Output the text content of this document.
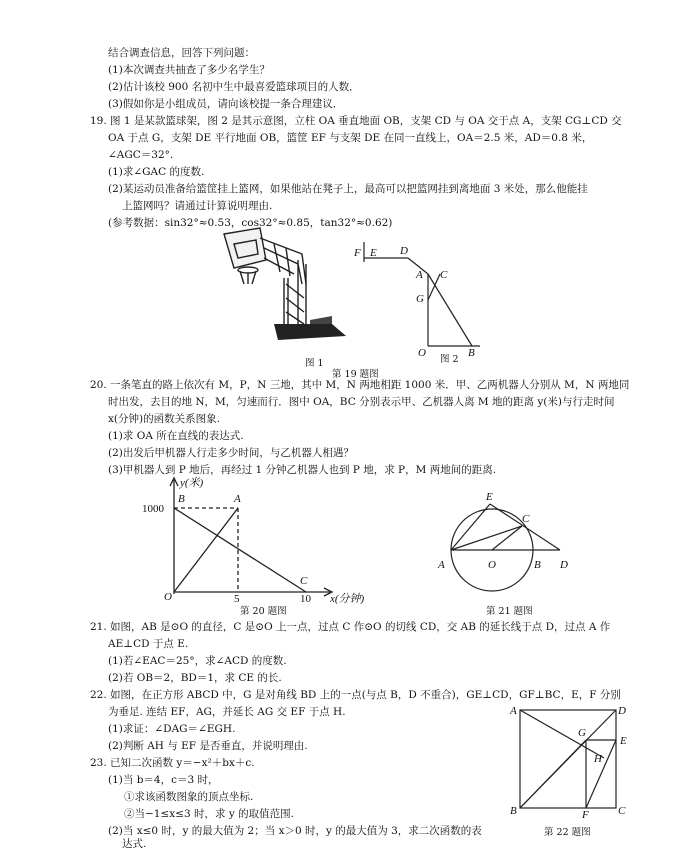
结合调查信息，回答下列问题：
(1)本次调查共抽查了多少名学生？
(2)估计该校 900 名初中生中最喜爱篮球项目的人数．
(3)假如你是小组成员，请向该校提一条合理建议．
19. 图 1 是某款篮球架，图 2 是其示意图，立柱 OA 垂直地面 OB，支架 CD 与 OA 交于点 A，支架 CG⊥CD 交
OA 于点 G，支架 DE 平行地面 OB，篮筐 EF 与支架 DE 在同一直线上，OA＝2.5 米，AD＝0.8 米，
∠AGC＝32°.
(1)求∠GAC 的度数.
(2)某运动员准备给篮筐挂上篮网，如果他站在凳子上，最高可以把篮网挂到离地面 3 米处，那么他能挂
上篮网吗？请通过计算说明理由.
(参考数据：sin32°≈0.53，cos32°≈0.85，tan32°≈0.62)
图 1
F E D
A C
G
O	B
图 2
第 19 题图
20. 一条笔直的路上依次有 M，P，N 三地，其中 M，N 两地相距 1000 米．甲、乙两机器人分别从 M，N 两地同
时出发，去目的地 N，M，匀速而行．图中 OA，BC 分别表示甲、乙机器人离 M 地的距离 y(米)与行走时间
x(分钟)的函数关系图象.
(1)求 OA 所在直线的表达式.
(2)出发后甲机器人行走多少时间，与乙机器人相遇？
(3)甲机器人到 P 地后，再经过 1 分钟乙机器人也到 P 地，求 P，M 两地间的距离.
y(米)
1000
O	5	10 x(分钟)
B	A
C
第 20 题图
E
C
A	O	B D
第 21 题图
21. 如图，AB 是⊙O 的直径，C 是⊙O 上一点，过点 C 作⊙O 的切线 CD，交 AB 的延长线于点 D，过点 A 作
AE⊥CD 于点 E.
(1)若∠EAC＝25°，求∠ACD 的度数.
(2)若 OB＝2，BD＝1，求 CE 的长.
22. 如图，在正方形 ABCD 中，G 是对角线 BD 上的一点(与点 B，D 不重合)，GE⊥CD，GF⊥BC，E，F 分别
为垂足. 连结 EF，AG，并延长 AG 交 EF 于点 H.
(1)求证：∠DAG＝∠EGH.
(2)判断 AH 与 EF 是否垂直，并说明理由.
23. 已知二次函数 y＝−x²＋bx＋c.
(1)当 b＝4，c＝3 时，
①求该函数图象的顶点坐标.
②当−1≤x≤3 时，求 y 的取值范围.
(2)当 x≤0 时，y 的最大值为 2；当 x＞0 时，y 的最大值为 3，求二次函数的表
达式.
A	D
G
E
H
B	F	C
第 22 题图
